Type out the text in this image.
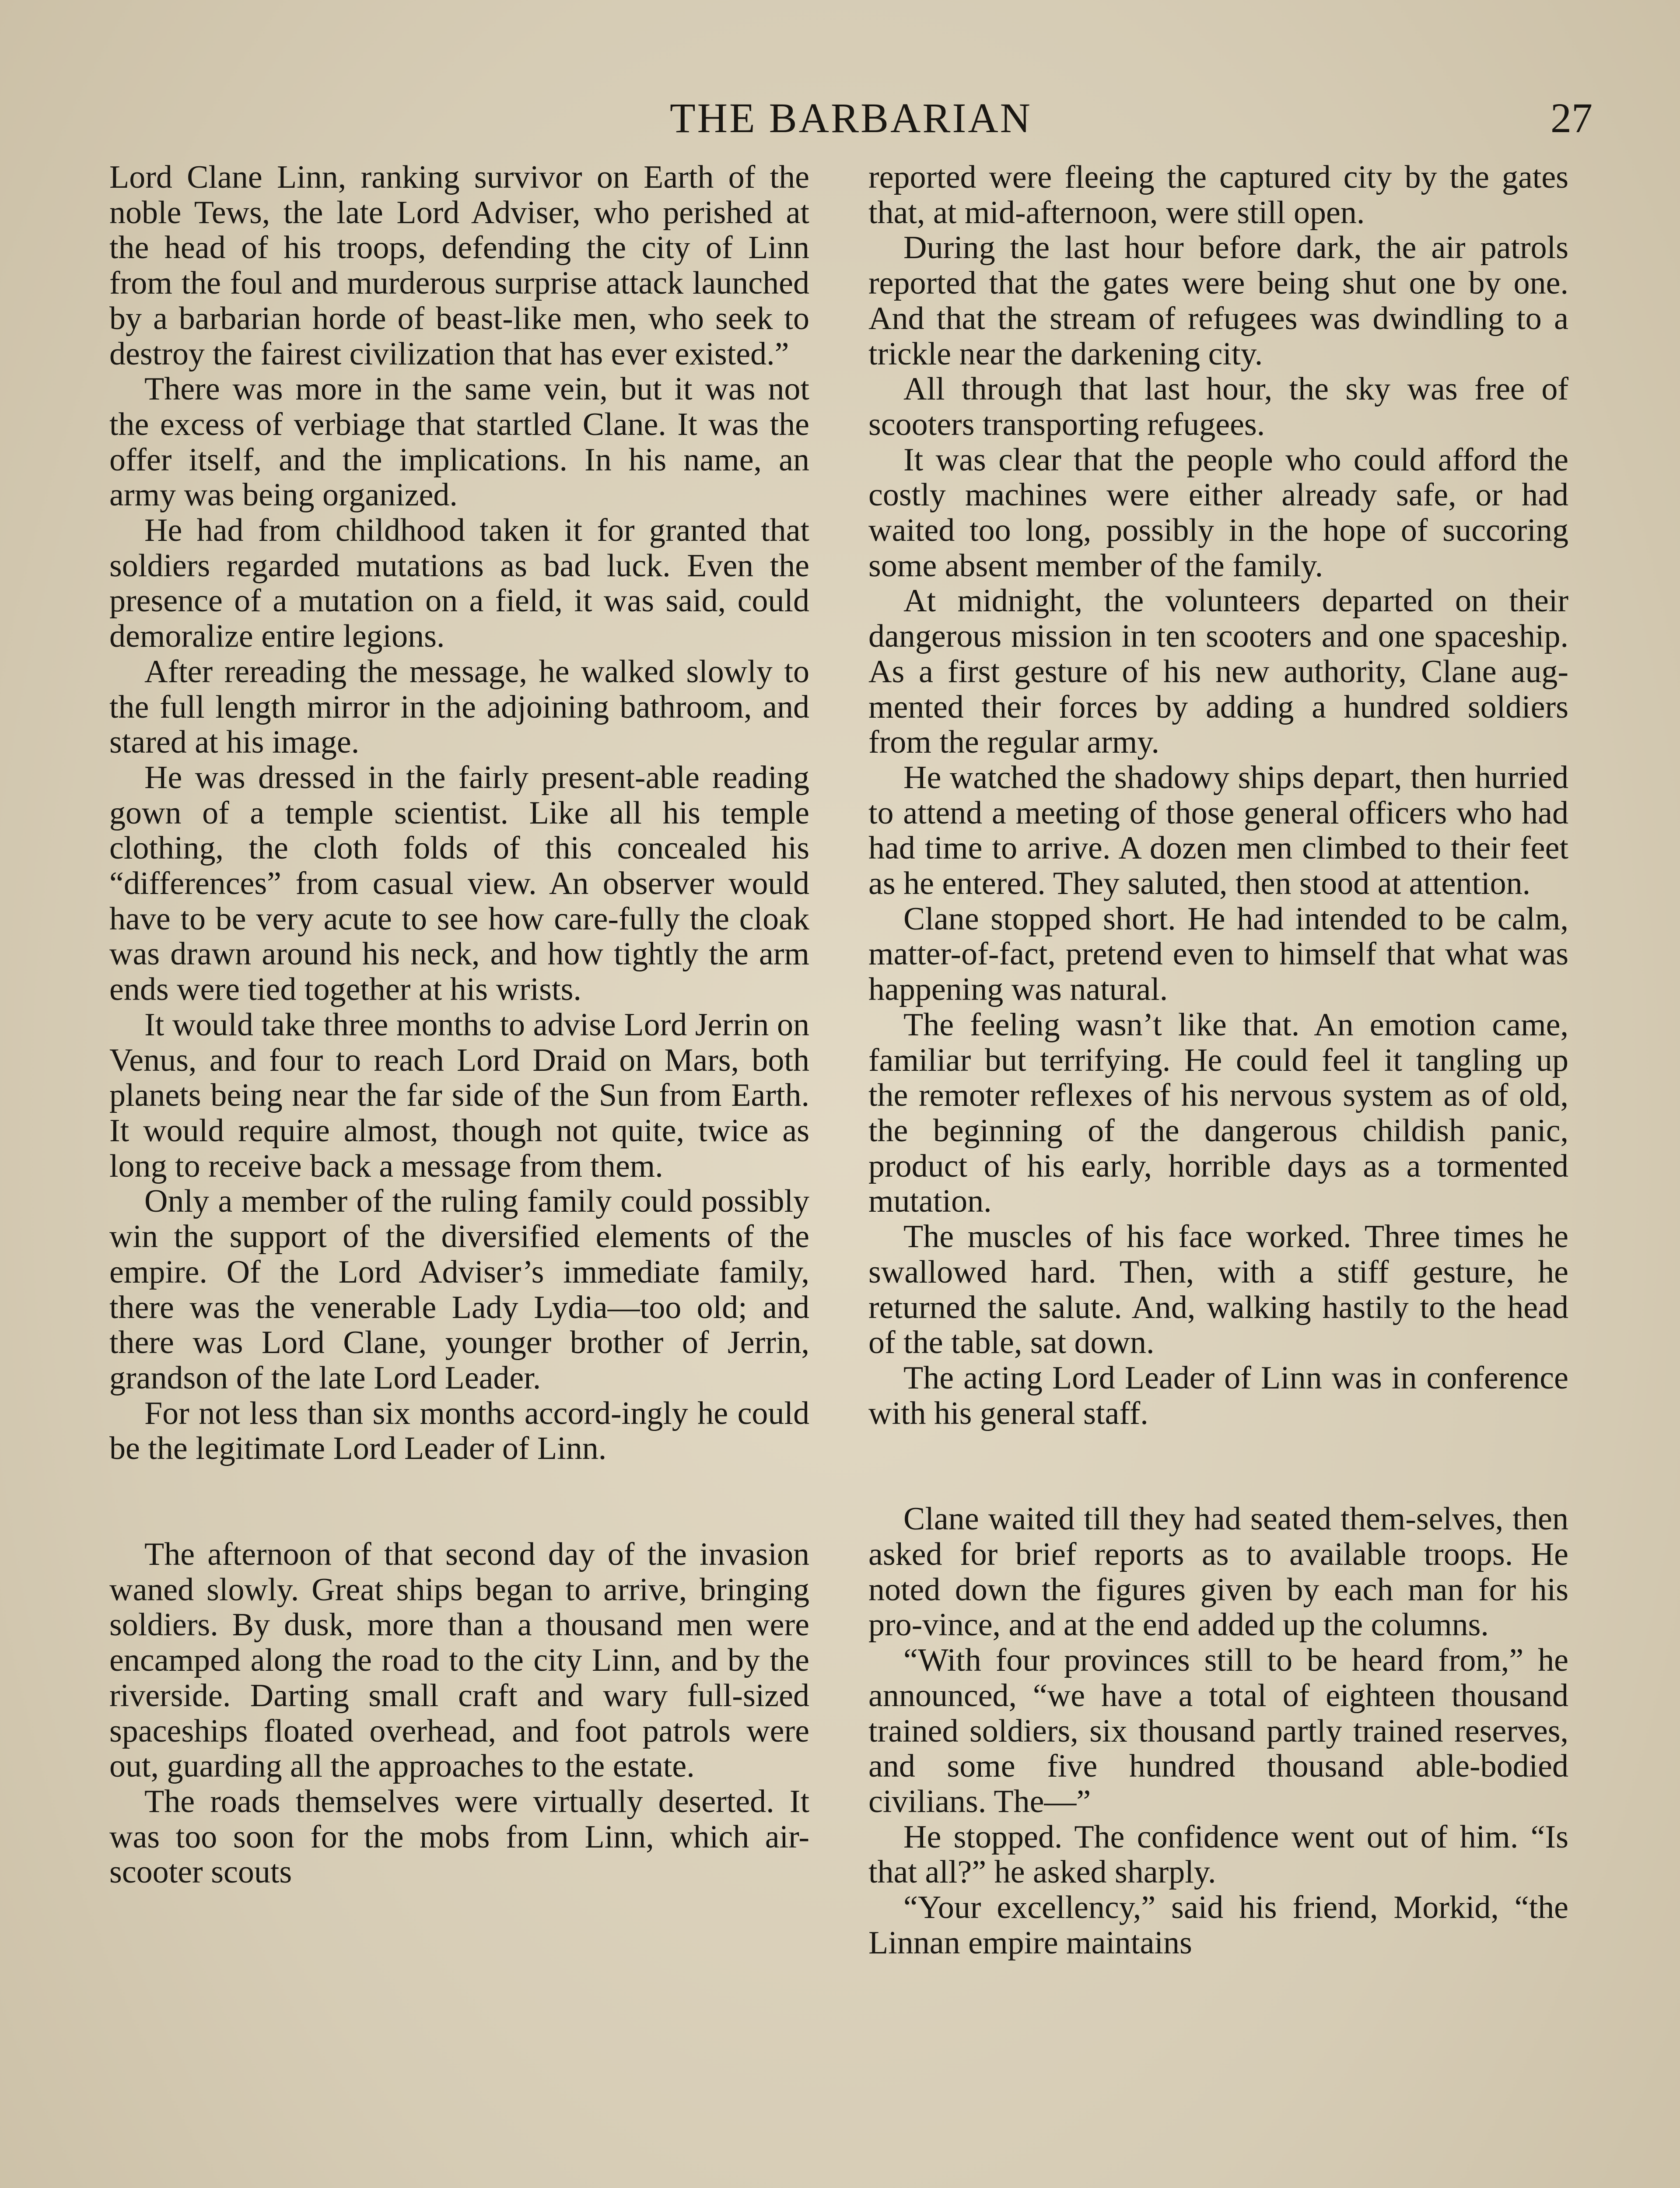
THE BARBARIAN	27

Lord Clane Linn, ranking survivor on Earth of the noble Tews, the late Lord Adviser, who perished at the head of his troops, defending the city of Linn from the foul and murderous surprise attack launched by a barbarian horde of beast-like men, who seek to destroy the fairest civilization that has ever existed.”

There was more in the same vein, but it was not the excess of verbiage that startled Clane. It was the offer itself, and the implications. In his name, an army was being organized.

He had from childhood taken it for granted that soldiers regarded mutations as bad luck. Even the presence of a mutation on a field, it was said, could demoralize entire legions.

After rereading the message, he walked slowly to the full length mirror in the adjoining bathroom, and stared at his image.

He was dressed in the fairly present-able reading gown of a temple scientist. Like all his temple clothing, the cloth folds of this concealed his “differences” from casual view. An observer would have to be very acute to see how care-fully the cloak was drawn around his neck, and how tightly the arm ends were tied together at his wrists.

It would take three months to advise Lord Jerrin on Venus, and four to reach Lord Draid on Mars, both planets being near the far side of the Sun from Earth. It would require almost, though not quite, twice as long to receive back a message from them.

Only a member of the ruling family could possibly win the support of the diversified elements of the empire. Of the Lord Adviser’s immediate family, there was the venerable Lady Lydia—too old; and there was Lord Clane, younger brother of Jerrin, grandson of the late Lord Leader.

For not less than six months accord-ingly he could be the legitimate Lord Leader of Linn.

The afternoon of that second day of the invasion waned slowly. Great ships began to arrive, bringing soldiers. By dusk, more than a thousand men were encamped along the road to the city Linn, and by the riverside. Darting small craft and wary full-sized spaceships floated overhead, and foot patrols were out, guarding all the approaches to the estate.

The roads themselves were virtually deserted. It was too soon for the mobs from Linn, which air-scooter scouts

reported were fleeing the captured city by the gates that, at mid-afternoon, were still open.

During the last hour before dark, the air patrols reported that the gates were being shut one by one. And that the stream of refugees was dwindling to a trickle near the darkening city.

All through that last hour, the sky was free of scooters transporting refugees.

It was clear that the people who could afford the costly machines were either already safe, or had waited too long, possibly in the hope of succoring some absent member of the family.

At midnight, the volunteers departed on their dangerous mission in ten scooters and one spaceship. As a first gesture of his new authority, Clane aug-mented their forces by adding a hundred soldiers from the regular army.

He watched the shadowy ships depart, then hurried to attend a meeting of those general officers who had had time to arrive. A dozen men climbed to their feet as he entered. They saluted, then stood at attention.

Clane stopped short. He had intended to be calm, matter-of-fact, pretend even to himself that what was happening was natural.

The feeling wasn’t like that. An emotion came, familiar but terrifying. He could feel it tangling up the remoter reflexes of his nervous system as of old, the beginning of the dangerous childish panic, product of his early, horrible days as a tormented mutation.

The muscles of his face worked. Three times he swallowed hard. Then, with a stiff gesture, he returned the salute. And, walking hastily to the head of the table, sat down.

The acting Lord Leader of Linn was in conference with his general staff.

Clane waited till they had seated them-selves, then asked for brief reports as to available troops. He noted down the figures given by each man for his pro-vince, and at the end added up the columns.

“With four provinces still to be heard from,” he announced, “we have a total of eighteen thousand trained soldiers, six thousand partly trained reserves, and some five hundred thousand able-bodied civilians. The—”

He stopped. The confidence went out of him. “Is that all?” he asked sharply.

“Your excellency,” said his friend, Morkid, “the Linnan empire maintains
